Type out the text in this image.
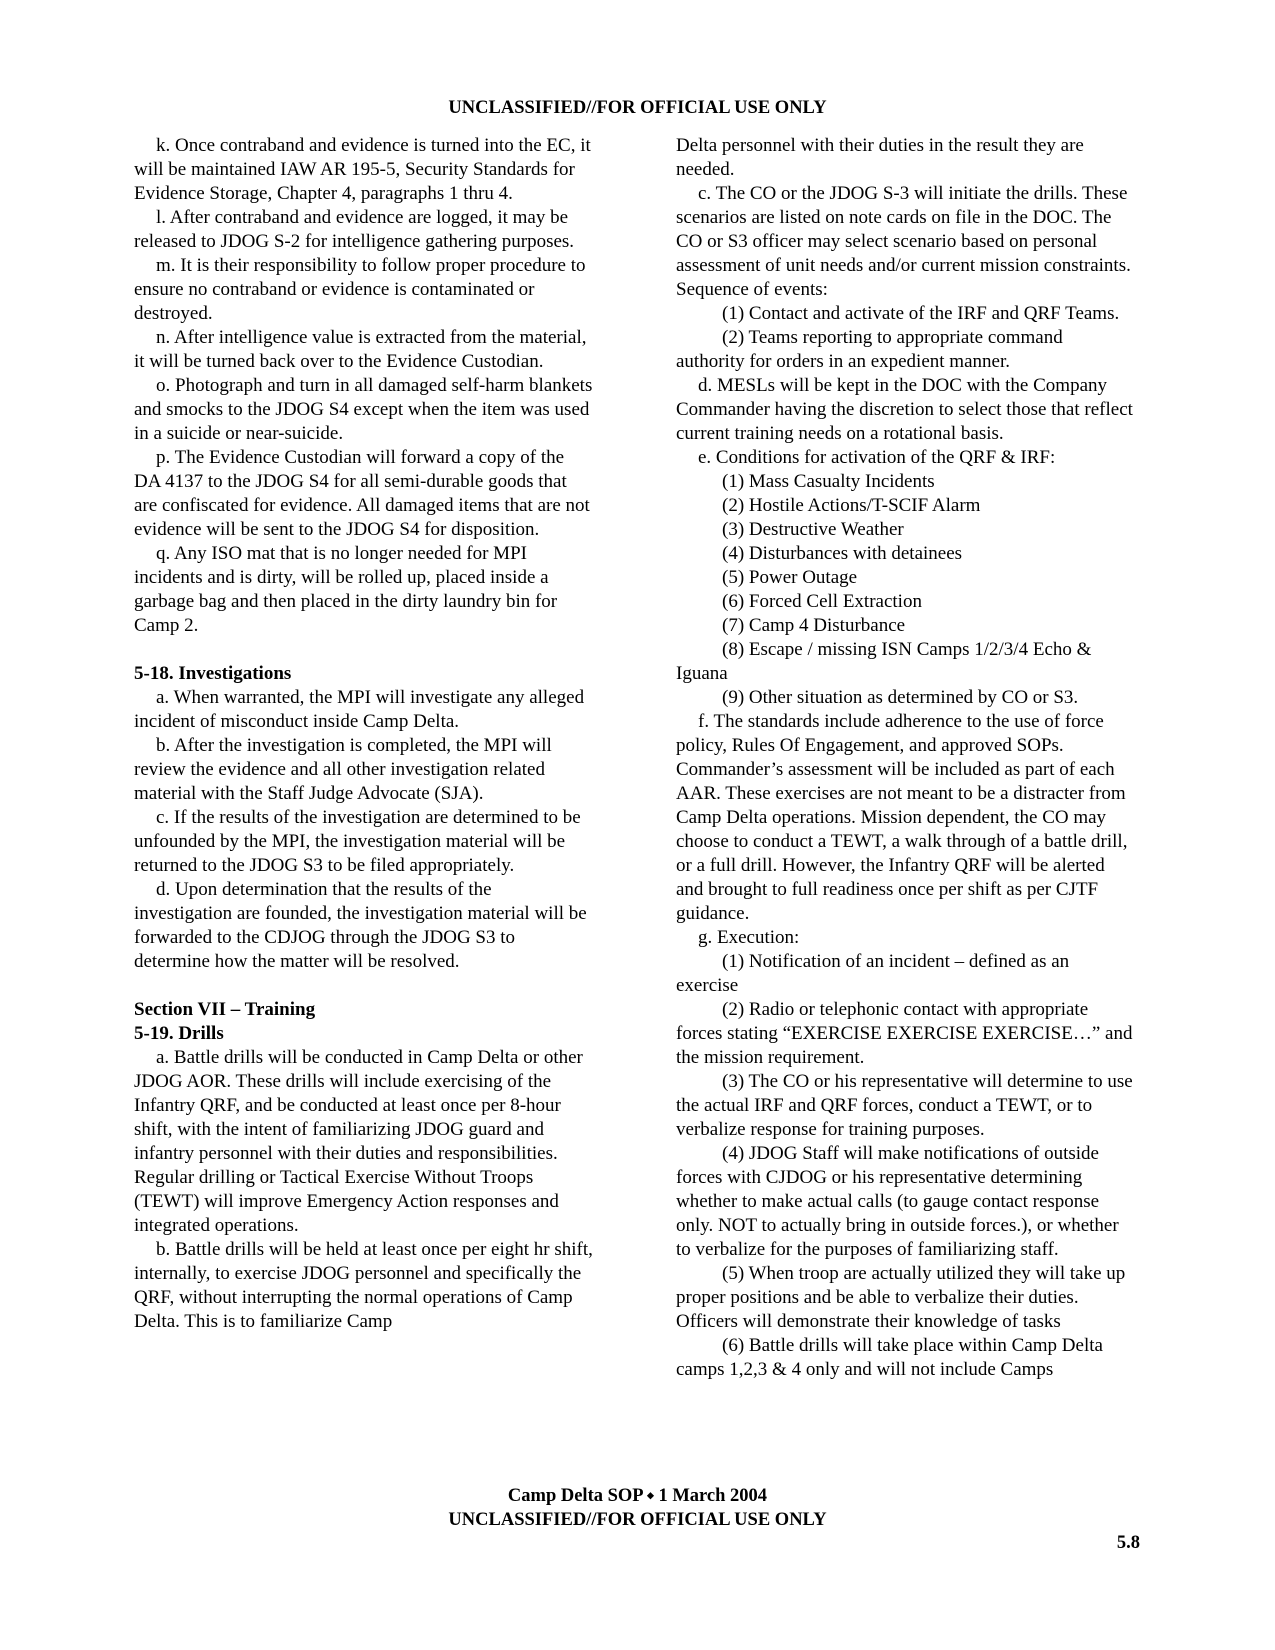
UNCLASSIFIED//FOR OFFICIAL USE ONLY

k. Once contraband and evidence is turned into the EC, it will be maintained IAW AR 195-5, Security Standards for Evidence Storage, Chapter 4, paragraphs 1 thru 4.

l. After contraband and evidence are logged, it may be released to JDOG S-2 for intelligence gathering purposes.

m. It is their responsibility to follow proper procedure to ensure no contraband or evidence is contaminated or destroyed.

n. After intelligence value is extracted from the material, it will be turned back over to the Evidence Custodian.

o. Photograph and turn in all damaged self-harm blankets and smocks to the JDOG S4 except when the item was used in a suicide or near-suicide.

p. The Evidence Custodian will forward a copy of the DA 4137 to the JDOG S4 for all semi-durable goods that are confiscated for evidence. All damaged items that are not evidence will be sent to the JDOG S4 for disposition.

q. Any ISO mat that is no longer needed for MPI incidents and is dirty, will be rolled up, placed inside a garbage bag and then placed in the dirty laundry bin for Camp 2.

5-18. Investigations

a. When warranted, the MPI will investigate any alleged incident of misconduct inside Camp Delta.

b. After the investigation is completed, the MPI will review the evidence and all other investigation related material with the Staff Judge Advocate (SJA).

c. If the results of the investigation are determined to be unfounded by the MPI, the investigation material will be returned to the JDOG S3 to be filed appropriately.

d. Upon determination that the results of the investigation are founded, the investigation material will be forwarded to the CDJOG through the JDOG S3 to determine how the matter will be resolved.

Section VII – Training

5-19. Drills

a. Battle drills will be conducted in Camp Delta or other JDOG AOR. These drills will include exercising of the Infantry QRF, and be conducted at least once per 8-hour shift, with the intent of familiarizing JDOG guard and infantry personnel with their duties and responsibilities. Regular drilling or Tactical Exercise Without Troops (TEWT) will improve Emergency Action responses and integrated operations.

b. Battle drills will be held at least once per eight hr shift, internally, to exercise JDOG personnel and specifically the QRF, without interrupting the normal operations of Camp Delta. This is to familiarize Camp

Delta personnel with their duties in the result they are needed.

c. The CO or the JDOG S-3 will initiate the drills. These scenarios are listed on note cards on file in the DOC. The CO or S3 officer may select scenario based on personal assessment of unit needs and/or current mission constraints. Sequence of events:

(1) Contact and activate of the IRF and QRF Teams.

(2) Teams reporting to appropriate command authority for orders in an expedient manner.

d. MESLs will be kept in the DOC with the Company Commander having the discretion to select those that reflect current training needs on a rotational basis.

e. Conditions for activation of the QRF & IRF:

(1) Mass Casualty Incidents

(2) Hostile Actions/T-SCIF Alarm

(3) Destructive Weather

(4) Disturbances with detainees

(5) Power Outage

(6) Forced Cell Extraction

(7) Camp 4 Disturbance

(8) Escape / missing ISN Camps 1/2/3/4 Echo & Iguana

(9) Other situation as determined by CO or S3.

f. The standards include adherence to the use of force policy, Rules Of Engagement, and approved SOPs. Commander’s assessment will be included as part of each AAR. These exercises are not meant to be a distracter from Camp Delta operations. Mission dependent, the CO may choose to conduct a TEWT, a walk through of a battle drill, or a full drill. However, the Infantry QRF will be alerted and brought to full readiness once per shift as per CJTF guidance.

g. Execution:

(1) Notification of an incident – defined as an exercise

(2) Radio or telephonic contact with appropriate forces stating “EXERCISE EXERCISE EXERCISE…” and the mission requirement.

(3) The CO or his representative will determine to use the actual IRF and QRF forces, conduct a TEWT, or to verbalize response for training purposes.

(4) JDOG Staff will make notifications of outside forces with CJDOG or his representative determining whether to make actual calls (to gauge contact response only. NOT to actually bring in outside forces.), or whether to verbalize for the purposes of familiarizing staff.

(5) When troop are actually utilized they will take up proper positions and be able to verbalize their duties. Officers will demonstrate their knowledge of tasks

(6) Battle drills will take place within Camp Delta camps 1,2,3 & 4 only and will not include Camps

Camp Delta SOP ⬩ 1 March 2004
UNCLASSIFIED//FOR OFFICIAL USE ONLY
5.8
